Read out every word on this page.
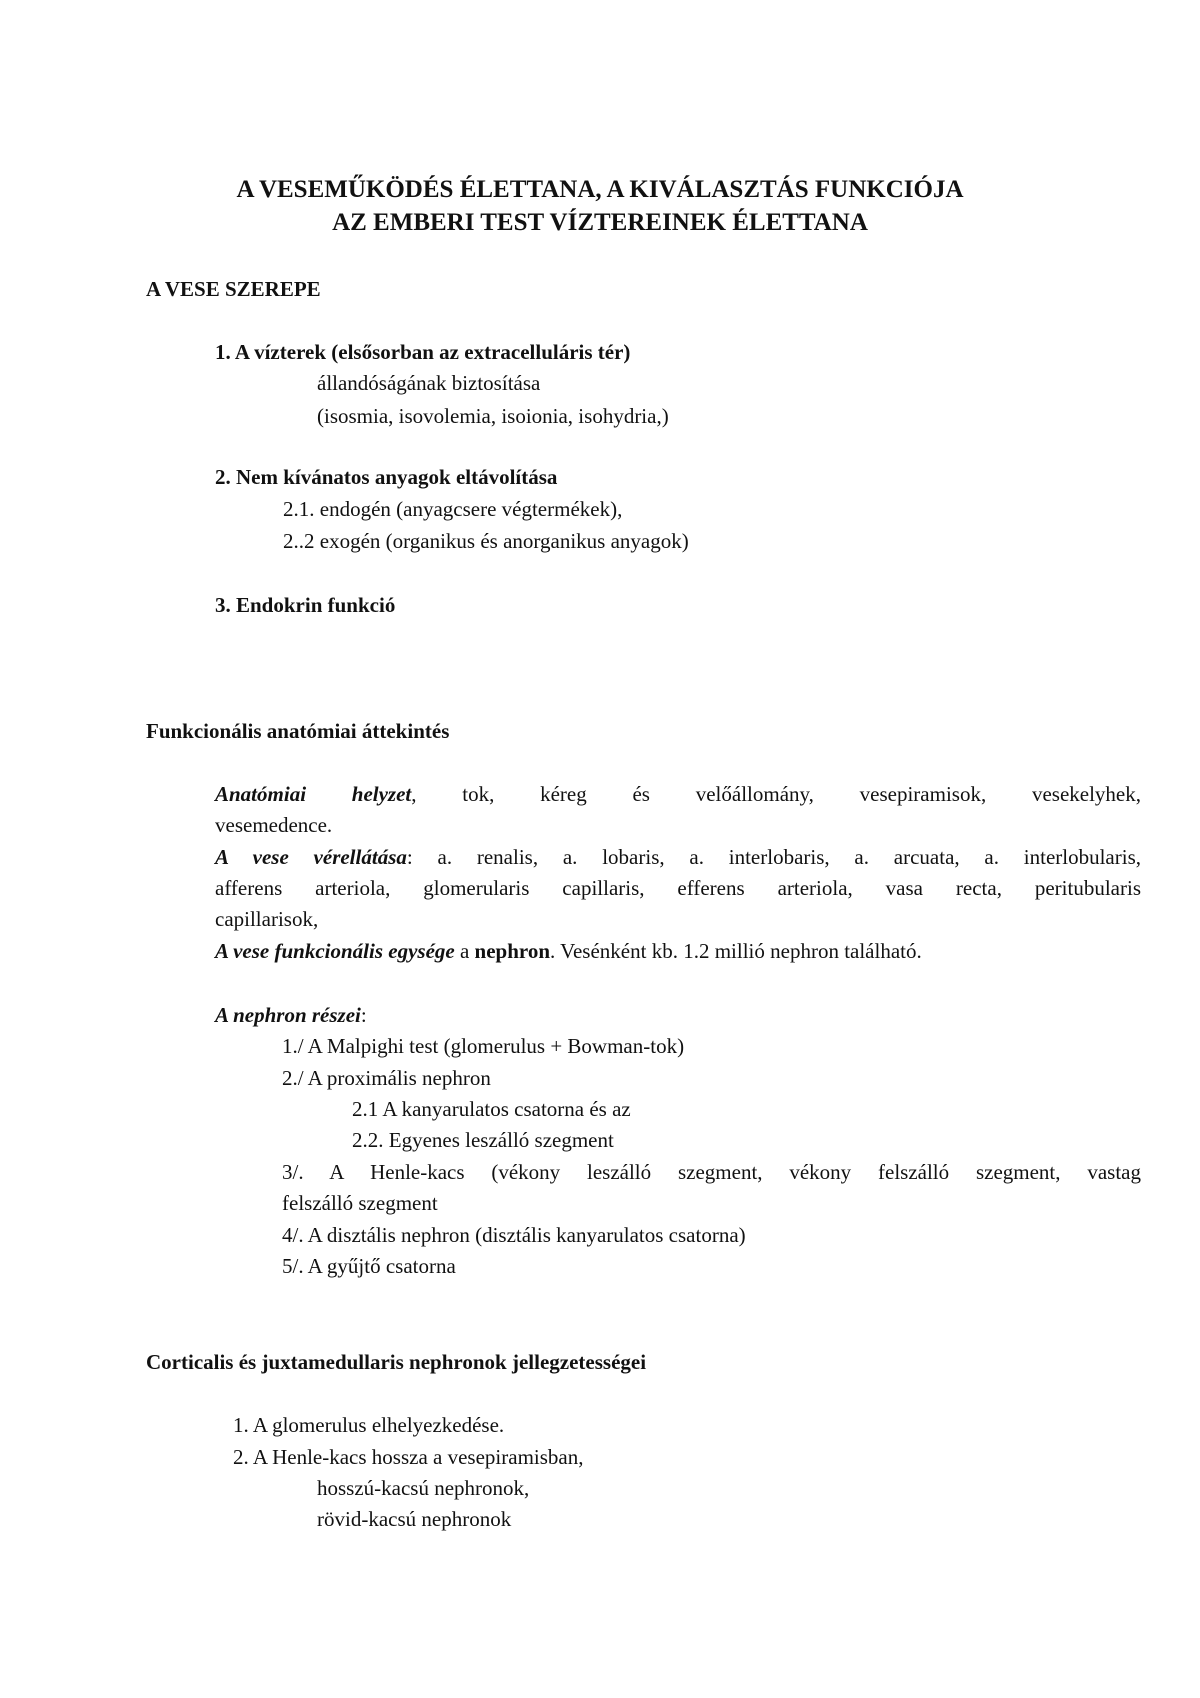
A VESEMŰKÖDÉS ÉLETTANA, A KIVÁLASZTÁS FUNKCIÓJA
AZ EMBERI TEST VÍZTEREINEK ÉLETTANA
A VESE SZEREPE
1. A vízterek (elsősorban az extracelluláris tér)
állandóságának biztosítása
(isosmia, isovolemia, isoionia, isohydria,)
2. Nem kívánatos anyagok eltávolítása
2.1. endogén (anyagcsere végtermékek),
2..2 exogén (organikus és anorganikus anyagok)
3. Endokrin funkció
Funkcionális anatómiai áttekintés
Anatómiai helyzet, tok, kéreg és velőállomány, vesepiramisok, vesekelyhek,
vesemedence.
A vese vérellátása: a. renalis, a. lobaris, a. interlobaris, a. arcuata, a. interlobularis,
afferens arteriola, glomerularis capillaris, efferens arteriola, vasa recta, peritubularis
capillarisok,
A vese funkcionális egysége a nephron. Vesénként kb. 1.2 millió nephron található.
A nephron részei:
1./ A Malpighi test (glomerulus + Bowman-tok)
2./ A proximális nephron
2.1 A kanyarulatos csatorna és az
2.2. Egyenes leszálló szegment
3/. A Henle-kacs (vékony leszálló szegment, vékony felszálló szegment, vastag
felszálló szegment
4/. A disztális nephron (disztális kanyarulatos csatorna)
5/. A gyűjtő csatorna
Corticalis és juxtamedullaris nephronok jellegzetességei
1. A glomerulus elhelyezkedése.
2. A Henle-kacs hossza a vesepiramisban,
hosszú-kacsú nephronok,
rövid-kacsú nephronok
